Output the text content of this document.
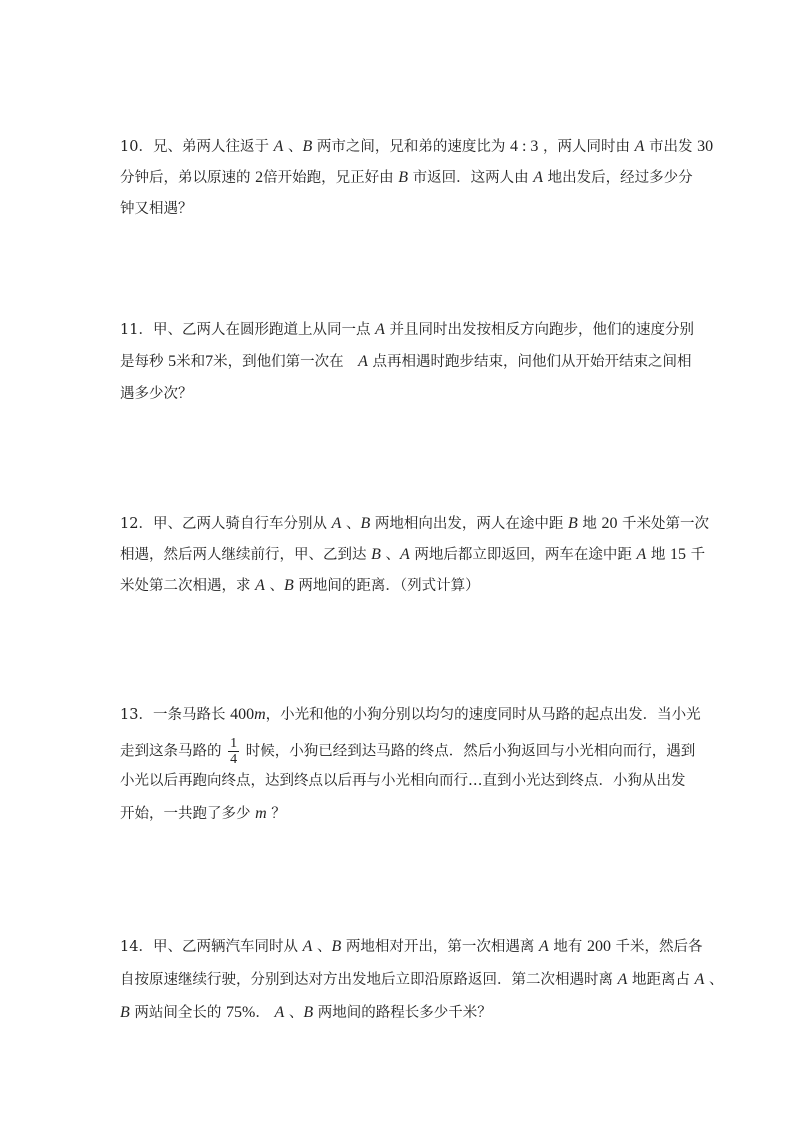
10．兄、弟两人往返于 A 、B 两市之间，兄和弟的速度比为 4 : 3 ，两人同时由 A 市出发 30
分钟后，弟以原速的 2倍开始跑，兄正好由 B 市返回．这两人由 A 地出发后，经过多少分
钟又相遇？
11．甲、乙两人在圆形跑道上从同一点 A 并且同时出发按相反方向跑步，他们的速度分别
是每秒 5米和7米，到他们第一次在　A 点再相遇时跑步结束，问他们从开始开结束之间相
遇多少次？
12．甲、乙两人骑自行车分别从 A 、B 两地相向出发，两人在途中距 B 地 20 千米处第一次
相遇，然后两人继续前行，甲、乙到达 B 、A 两地后都立即返回，两车在途中距 A 地 15 千
米处第二次相遇，求 A 、B 两地间的距离．（列式计算）
13．一条马路长 400m，小光和他的小狗分别以均匀的速度同时从马路的起点出发．当小光
走到这条马路的 $\frac{1}{4}$ 时候，小狗已经到达马路的终点．然后小狗返回与小光相向而行，遇到
小光以后再跑向终点，达到终点以后再与小光相向而行…直到小光达到终点．小狗从出发
开始，一共跑了多少 m ？
14．甲、乙两辆汽车同时从 A 、B 两地相对开出，第一次相遇离 A 地有 200 千米，然后各
自按原速继续行驶，分别到达对方出发地后立即沿原路返回．第二次相遇时离 A 地距离占 A 、
B 两站间全长的 75%． A 、B 两地间的路程长多少千米？
